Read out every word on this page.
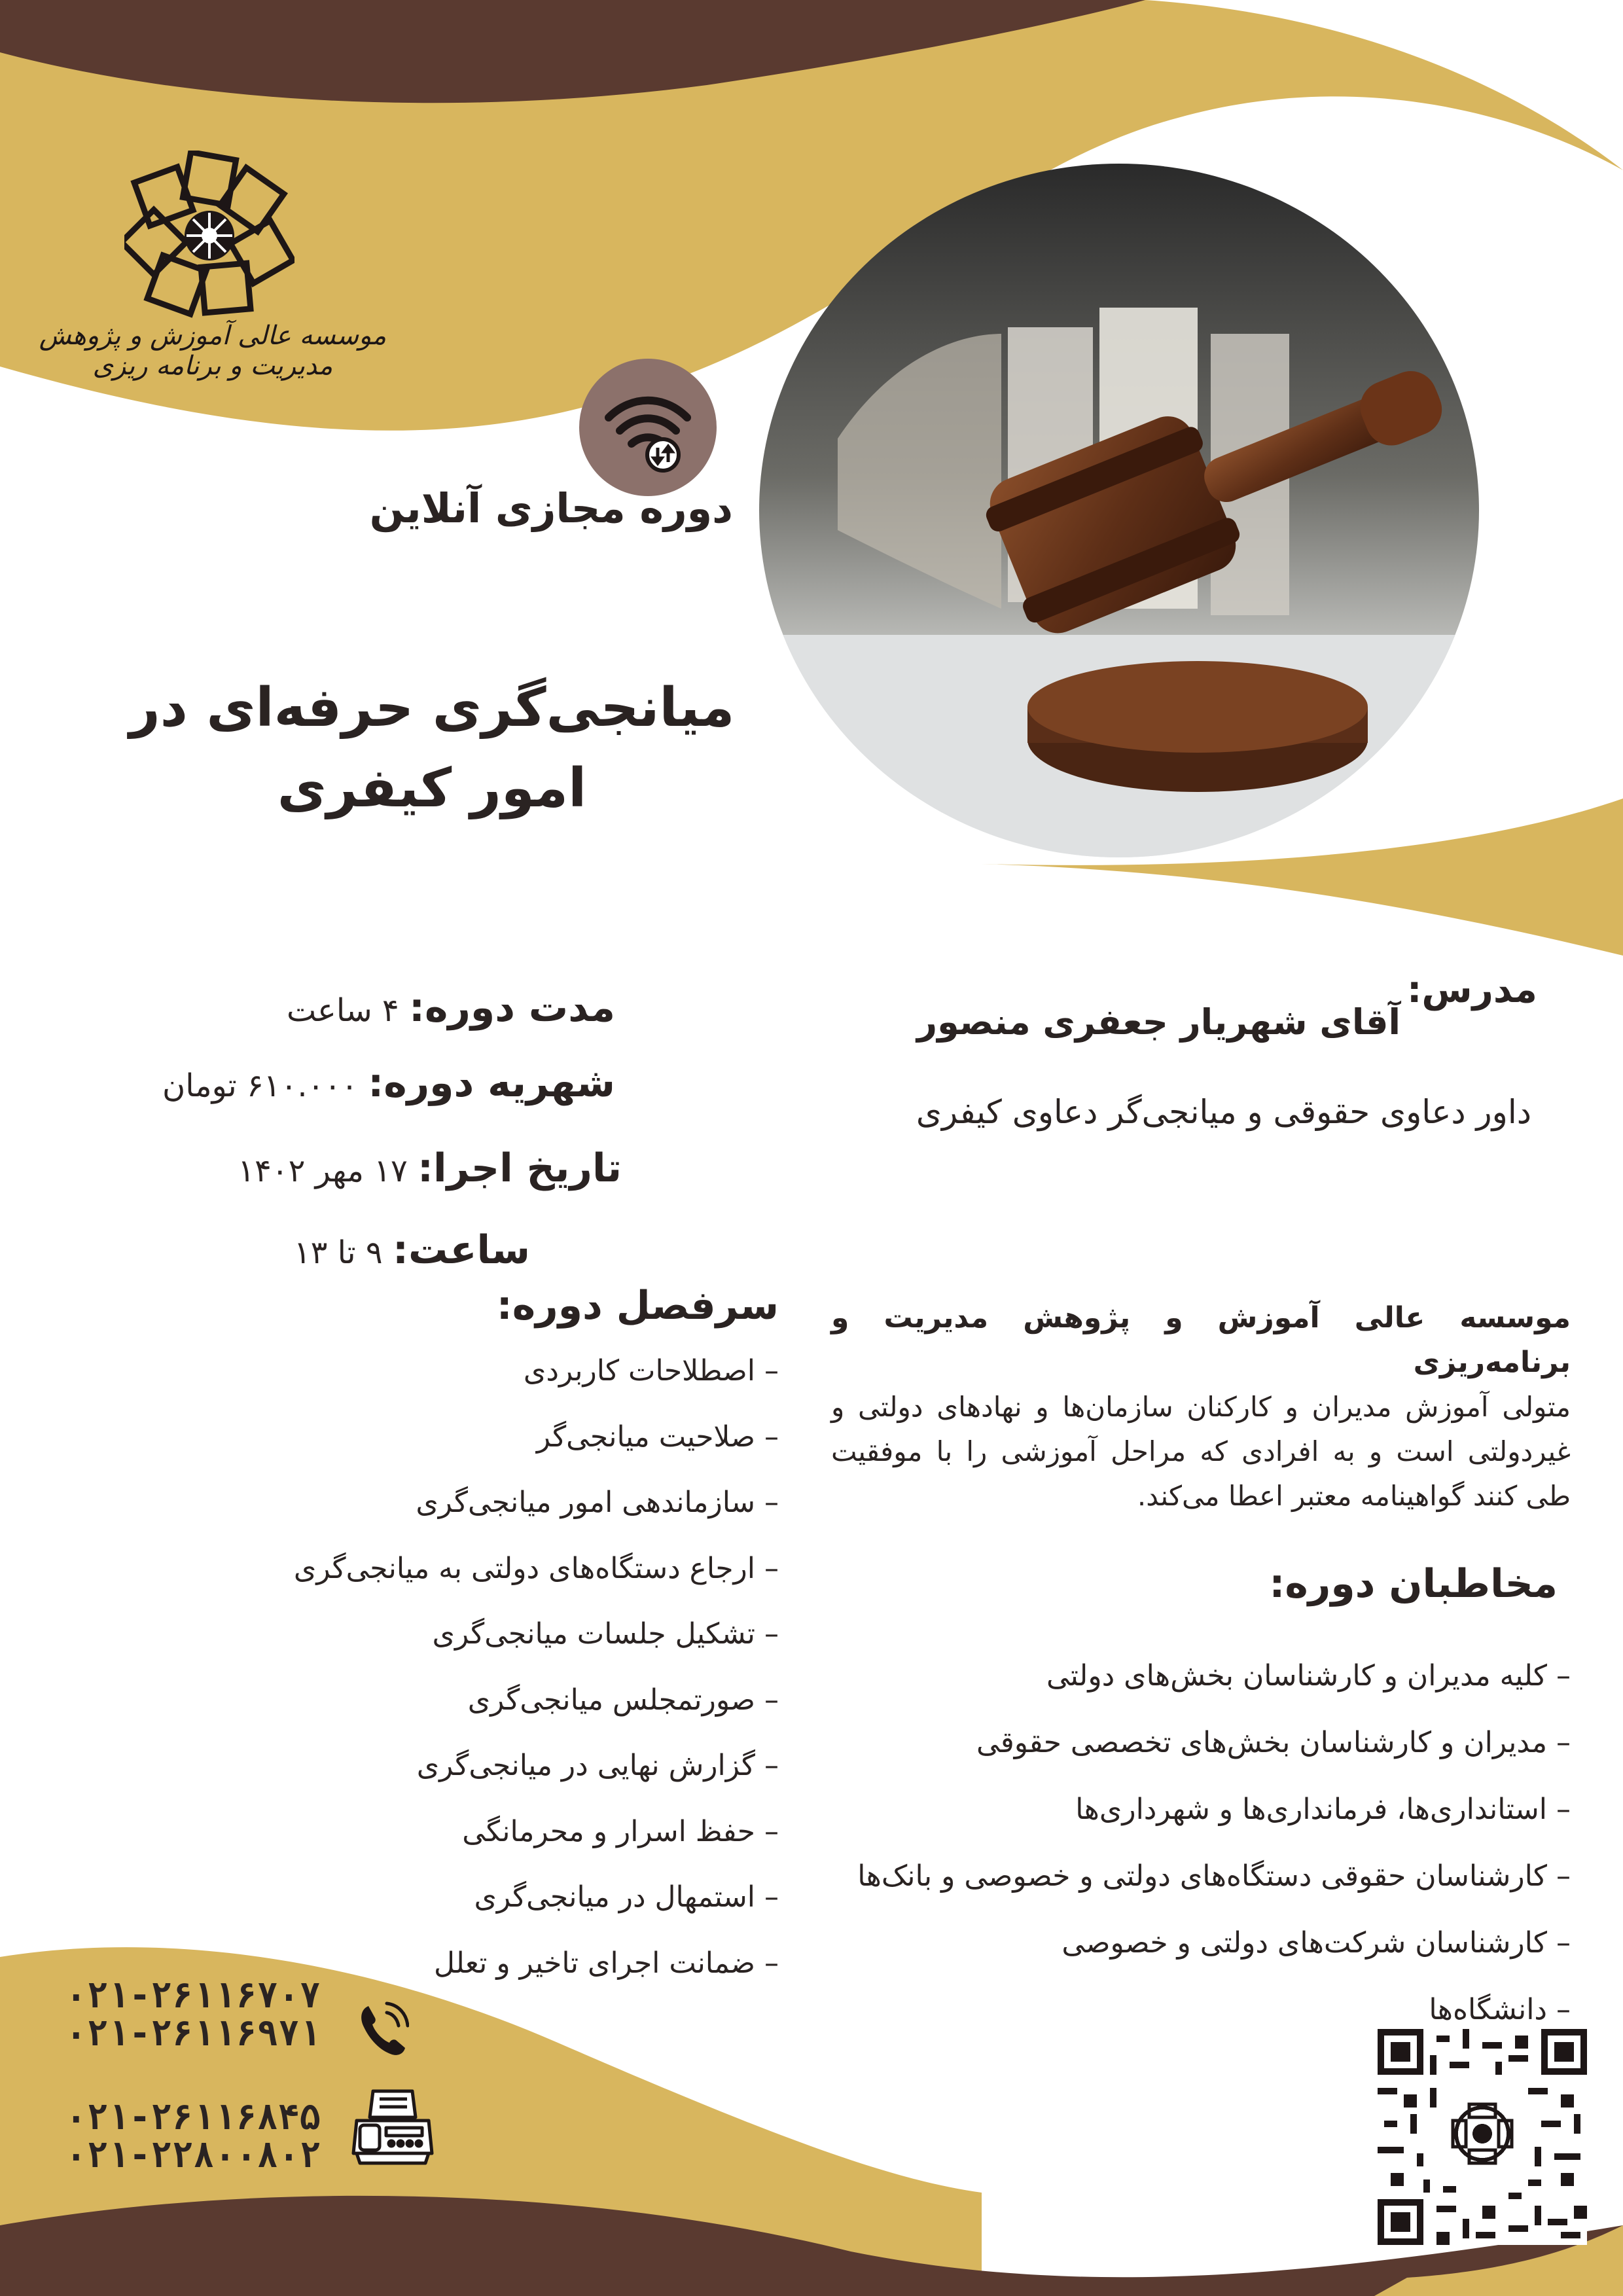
موسسه عالی آموزش و پژوهش مدیریت و برنامه ریزی
دوره مجازی آنلاین
میانجی‌گری حرفه‌ای در
امور کیفری
مدرس:
آقای شهریار جعفری منصور
داور دعاوی حقوقی و میانجی‌گر دعاوی کیفری
مدت دوره: ۴ ساعت
شهریه دوره: ۶۱۰.۰۰۰ تومان
تاریخ اجرا: ۱۷ مهر ۱۴۰۲
ساعت: ۹ تا ۱۳
سرفصل دوره:
– اصطلاحات کاربردی
– صلاحیت میانجی‌گر
– سازماندهی امور میانجی‌گری
– ارجاع دستگاه‌های دولتی به میانجی‌گری
– تشکیل جلسات میانجی‌گری
– صورتمجلس میانجی‌گری
– گزارش نهایی در میانجی‌گری
– حفظ اسرار و محرمانگی
– استمهال در میانجی‌گری
– ضمانت اجرای تاخیر و تعلل
موسسه عالی آموزش و پژوهش مدیریت و برنامه‌ریزی
متولی آموزش مدیران و کارکنان سازمان‌ها و نهادهای دولتی و غیردولتی است و به افرادی که مراحل آموزشی را با موفقیت طی کنند گواهینامه معتبر اعطا می‌کند.
مخاطبان دوره:
– کلیه مدیران و کارشناسان بخش‌های دولتی
– مدیران و کارشناسان بخش‌های تخصصی حقوقی
– استانداری‌ها، فرمانداری‌ها و شهرداری‌ها
– کارشناسان حقوقی دستگاه‌های دولتی و خصوصی و بانک‌ها
– کارشناسان شرکت‌های دولتی و خصوصی
– دانشگاه‌ها
۰۲۱-۲۶۱۱۶۷۰۷
۰۲۱-۲۶۱۱۶۹۷۱
۰۲۱-۲۶۱۱۶۸۴۵
۰۲۱-۲۲۸۰۰۸۰۲
